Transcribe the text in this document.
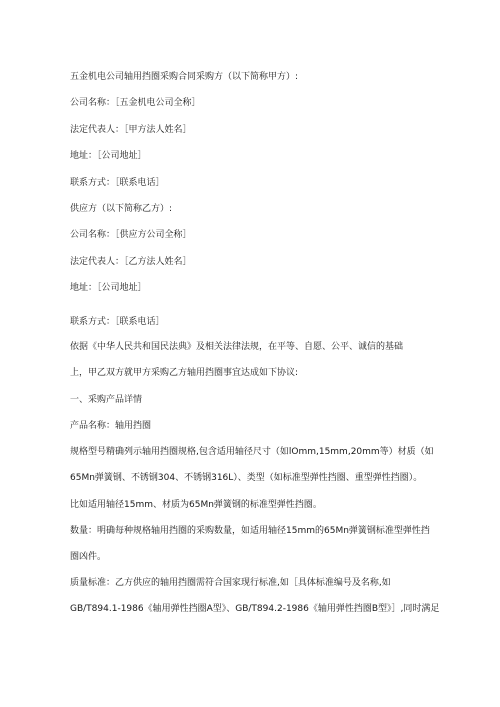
五金机电公司轴用挡圈采购合同采购方（以下简称甲方）:
公司名称：［五金机电公司全称］
法定代表人：［甲方法人姓名］
地址：［公司地址］
联系方式：［联系电话］
供应方（以下简称乙方）:
公司名称：［供应方公司全称］
法定代表人：［乙方法人姓名］
地址：［公司地址］
联系方式：［联系电话］
依据《中华人民共和国民法典》及相关法律法规，在平等、自愿、公平、诚信的基础
上，甲乙双方就甲方采购乙方轴用挡圈事宜达成如下协议:
一、采购产品详情
产品名称：轴用挡圈
规格型号精确列示轴用挡圈规格,包含适用轴径尺寸（如lOmm,15mm,20mm等）材质（如
65Mn弹簧钢、不锈钢304、不锈钢316L）、类型（如标准型弹性挡圈、重型弹性挡圈）。
比如适用轴径15mm、材质为65Mn弹簧钢的标准型弹性挡圈。
数量：明确每种规格轴用挡圈的采购数量，如适用轴径15mm的65Mn弹簧钢标准型弹性挡
圈凶件。
质量标准：乙方供应的轴用挡圈需符合国家现行标准,如［具体标准编号及名称,如
GB/T894.1-1986《轴用弹性挡圈A型》、GB/T894.2-1986《轴用弹性挡圈B型》］,同时满足
